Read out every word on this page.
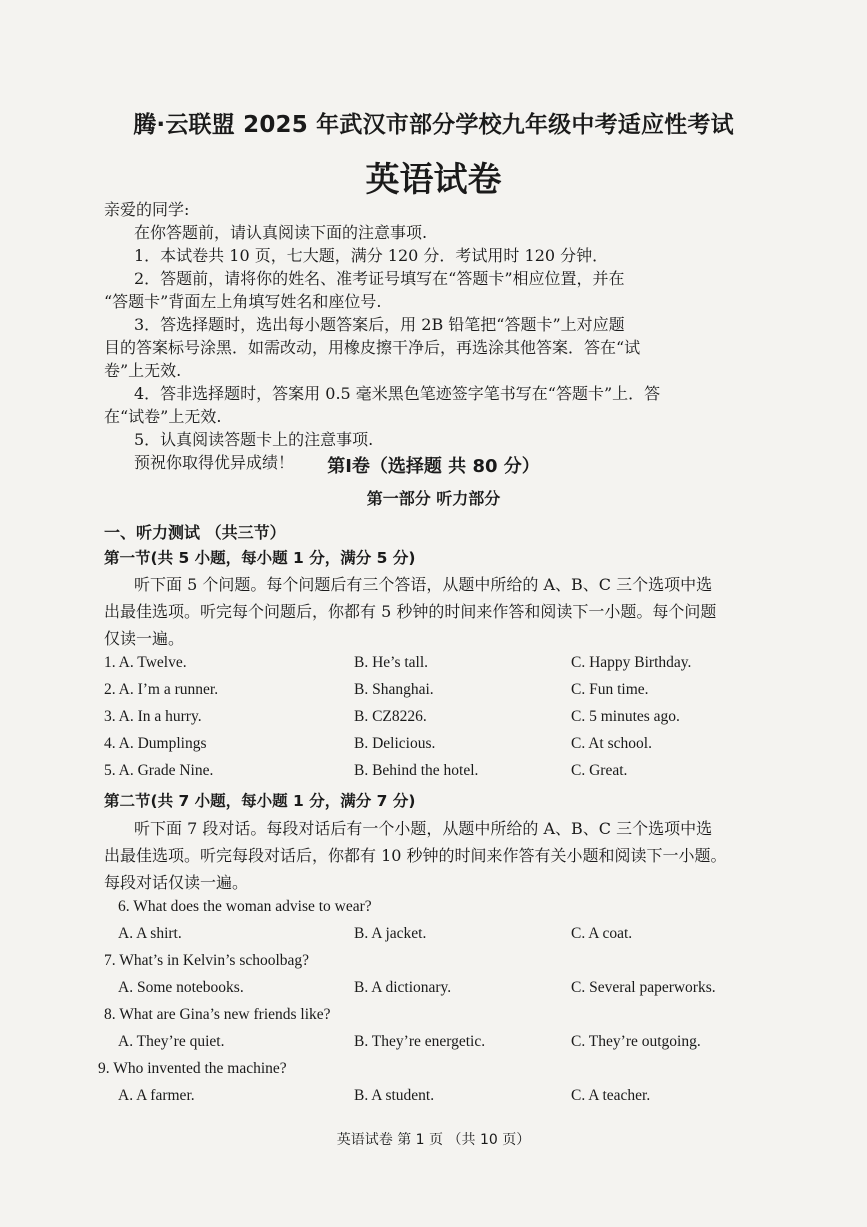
腾·云联盟 2025 年武汉市部分学校九年级中考适应性考试
英语试卷

亲爱的同学:

在你答题前，请认真阅读下面的注意事项.

1．本试卷共 10 页，七大题，满分 120 分．考试用时 120 分钟．

2．答题前，请将你的姓名、准考证号填写在“答题卡”相应位置，并在

“答题卡”背面左上角填写姓名和座位号.

3．答选择题时，选出每小题答案后，用 2B 铅笔把“答题卡”上对应题

目的答案标号涂黑．如需改动，用橡皮擦干净后，再选涂其他答案．答在“试

卷”上无效.

4．答非选择题时，答案用 0.5 毫米黑色笔迹签字笔书写在“答题卡”上．答

在“试卷”上无效.

5．认真阅读答题卡上的注意事项.

预祝你取得优异成绩！	第Ⅰ卷（选择题 共 80 分）
第一部分 听力部分
一、听力测试 （共三节）
第一节(共 5 小题，每小题 1 分，满分 5 分)
听下面 5 个问题。每个问题后有三个答语，从题中所给的 A、B、C 三个选项中选
出最佳选项。听完每个问题后，你都有 5 秒钟的时间来作答和阅读下一小题。每个问题
仅读一遍。
1. A. Twelve.	B. He’s tall.	C. Happy Birthday.
2. A. I’m a runner.	B. Shanghai.	C. Fun time.
3. A. In a hurry.	B. CZ8226.	C. 5 minutes ago.
4. A. Dumplings	B. Delicious.	C. At school.
5. A. Grade Nine.	B. Behind the hotel.	C. Great.
第二节(共 7 小题，每小题 1 分，满分 7 分)
听下面 7 段对话。每段对话后有一个小题，从题中所给的 A、B、C 三个选项中选
出最佳选项。听完每段对话后，你都有 10 秒钟的时间来作答有关小题和阅读下一小题。
每段对话仅读一遍。
6. What does the woman advise to wear?
A. A shirt.	B. A jacket.	C. A coat.
7. What’s in Kelvin’s schoolbag?
A. Some notebooks.	B. A dictionary.	C. Several paperworks.
8. What are Gina’s new friends like?
A. They’re quiet.	B. They’re energetic.	C. They’re outgoing.
9. Who invented the machine?
A. A farmer.	B. A student.	C. A teacher.
英语试卷 第 1 页 （共 10 页）
